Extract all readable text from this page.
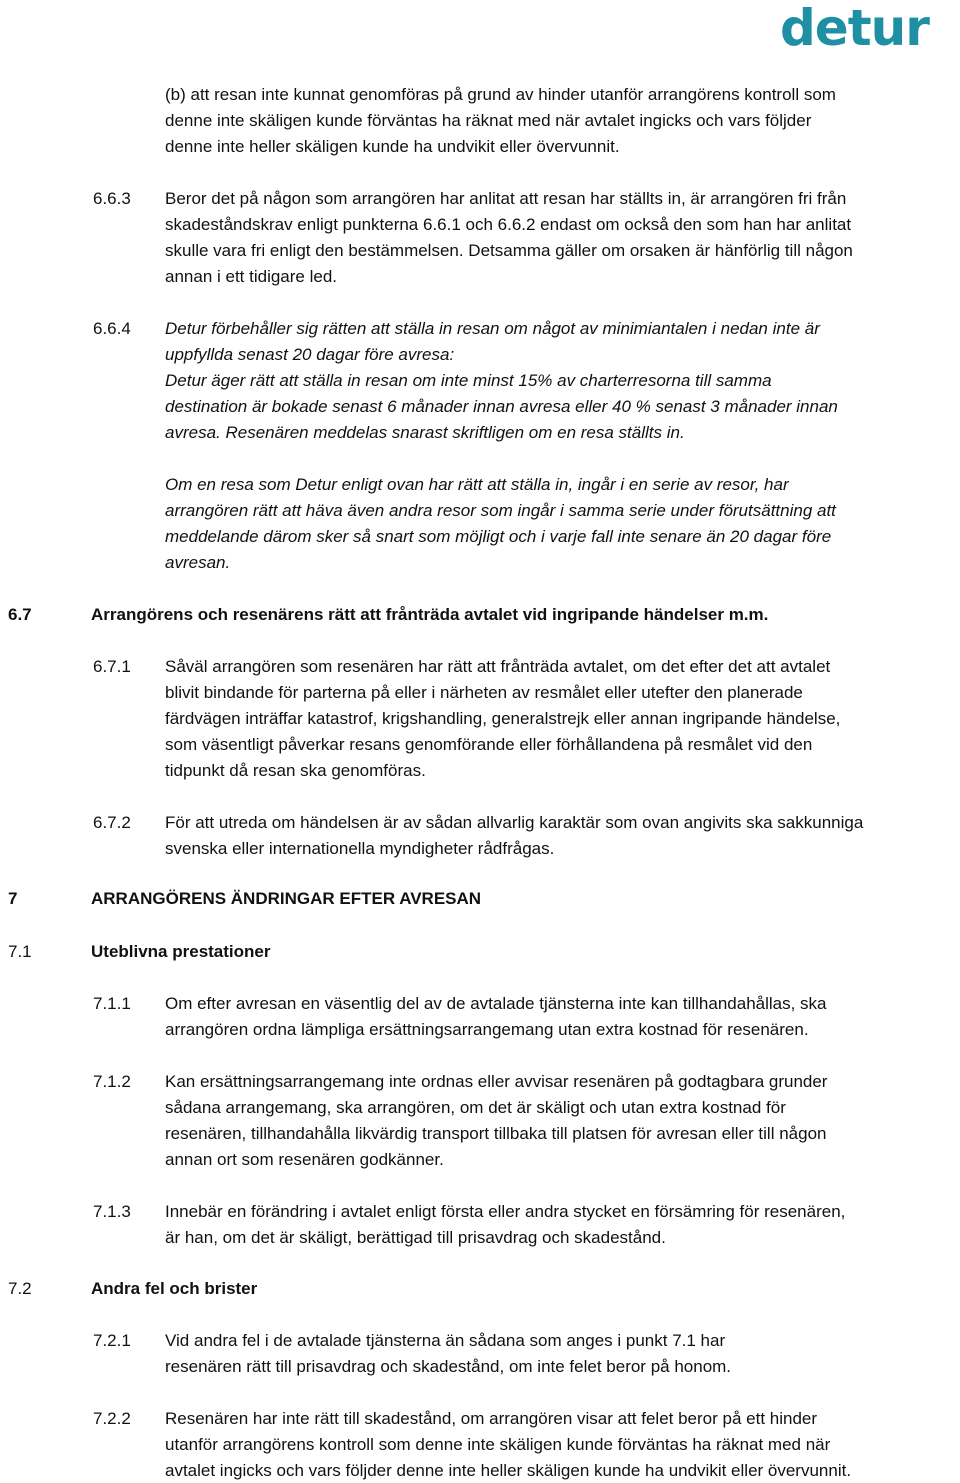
detur
(b) att resan inte kunnat genomföras på grund av hinder utanför arrangörens kontroll som
denne inte skäligen kunde förväntas ha räknat med när avtalet ingicks och vars följder
denne inte heller skäligen kunde ha undvikit eller övervunnit.
6.6.3 Beror det på någon som arrangören har anlitat att resan har ställts in, är arrangören fri från
skadeståndskrav enligt punkterna 6.6.1 och 6.6.2 endast om också den som han har anlitat
skulle vara fri enligt den bestämmelsen. Detsamma gäller om orsaken är hänförlig till någon
annan i ett tidigare led.
6.6.4 Detur förbehåller sig rätten att ställa in resan om något av minimiantalen i nedan inte är
uppfyllda senast 20 dagar före avresa:
Detur äger rätt att ställa in resan om inte minst 15% av charterresorna till samma
destination är bokade senast 6 månader innan avresa eller 40 % senast 3 månader innan
avresa. Resenären meddelas snarast skriftligen om en resa ställts in.
Om en resa som Detur enligt ovan har rätt att ställa in, ingår i en serie av resor, har
arrangören rätt att häva även andra resor som ingår i samma serie under förutsättning att
meddelande därom sker så snart som möjligt och i varje fall inte senare än 20 dagar före
avresan.
6.7	Arrangörens och resenärens rätt att frånträda avtalet vid ingripande händelser m.m.
6.7.1 Såväl arrangören som resenären har rätt att frånträda avtalet, om det efter det att avtalet
blivit bindande för parterna på eller i närheten av resmålet eller utefter den planerade
färdvägen inträffar katastrof, krigshandling, generalstrejk eller annan ingripande händelse,
som väsentligt påverkar resans genomförande eller förhållandena på resmålet vid den
tidpunkt då resan ska genomföras.
6.7.2 För att utreda om händelsen är av sådan allvarlig karaktär som ovan angivits ska sakkunniga
svenska eller internationella myndigheter rådfrågas.
7	ARRANGÖRENS ÄNDRINGAR EFTER AVRESAN
7.1	Uteblivna prestationer
7.1.1 Om efter avresan en väsentlig del av de avtalade tjänsterna inte kan tillhandahållas, ska
arrangören ordna lämpliga ersättningsarrangemang utan extra kostnad för resenären.
7.1.2 Kan ersättningsarrangemang inte ordnas eller avvisar resenären på godtagbara grunder
sådana arrangemang, ska arrangören, om det är skäligt och utan extra kostnad för
resenären, tillhandahålla likvärdig transport tillbaka till platsen för avresan eller till någon
annan ort som resenären godkänner.
7.1.3 Innebär en förändring i avtalet enligt första eller andra stycket en försämring för resenären,
är han, om det är skäligt, berättigad till prisavdrag och skadestånd.
7.2	Andra fel och brister
7.2.1 Vid andra fel i de avtalade tjänsterna än sådana som anges i punkt 7.1 har
resenären rätt till prisavdrag och skadestånd, om inte felet beror på honom.
7.2.2 Resenären har inte rätt till skadestånd, om arrangören visar att felet beror på ett hinder
utanför arrangörens kontroll som denne inte skäligen kunde förväntas ha räknat med när
avtalet ingicks och vars följder denne inte heller skäligen kunde ha undvikit eller övervunnit.
